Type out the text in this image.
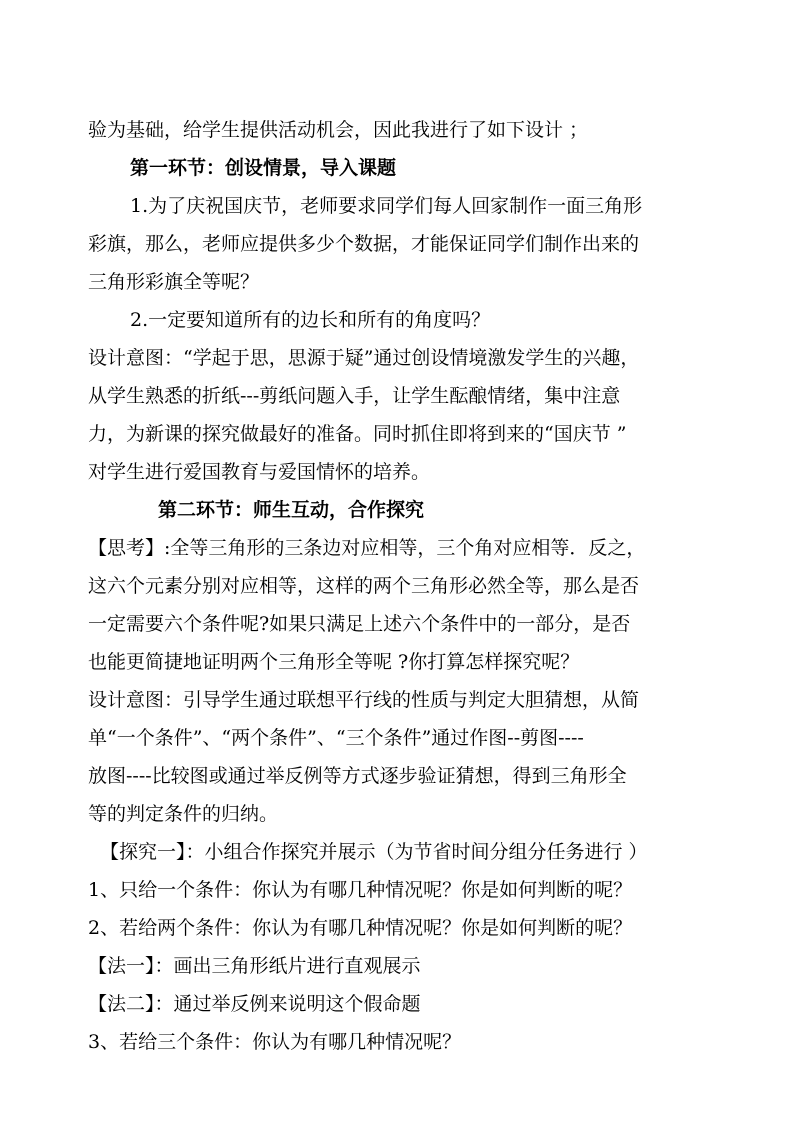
验为基础，给学生提供活动机会，因此我进行了如下设计 ；
第一环节：创设情景，导入课题
1.为了庆祝国庆节，老师要求同学们每人回家制作一面三角形
彩旗，那么，老师应提供多少个数据，才能保证同学们制作出来的
三角形彩旗全等呢？
2.一定要知道所有的边长和所有的角度吗？
设计意图：“学起于思，思源于疑”通过创设情境激发学生的兴趣，
从学生熟悉的折纸---剪纸问题入手，让学生酝酿情绪，集中注意
力，为新课的探究做最好的准备。同时抓住即将到来的“国庆节 ”
对学生进行爱国教育与爱国情怀的培养。
第二环节：师生互动，合作探究
【思考】:全等三角形的三条边对应相等，三个角对应相等．反之，
这六个元素分别对应相等，这样的两个三角形必然全等，那么是否
一定需要六个条件呢?如果只满足上述六个条件中的一部分，是否
也能更简捷地证明两个三角形全等呢 ?你打算怎样探究呢？
设计意图：引导学生通过联想平行线的性质与判定大胆猜想，从简
单“一个条件”、“两个条件”、“三个条件”通过作图--剪图----
放图----比较图或通过举反例等方式逐步验证猜想，得到三角形全
等的判定条件的归纳。
【探究一】：小组合作探究并展示（为节省时间分组分任务进行 ）
1、只给一个条件：你认为有哪几种情况呢？你是如何判断的呢？
2、若给两个条件：你认为有哪几种情况呢？你是如何判断的呢？
【法一】：画出三角形纸片进行直观展示
【法二】：通过举反例来说明这个假命题
3、若给三个条件：你认为有哪几种情况呢？
